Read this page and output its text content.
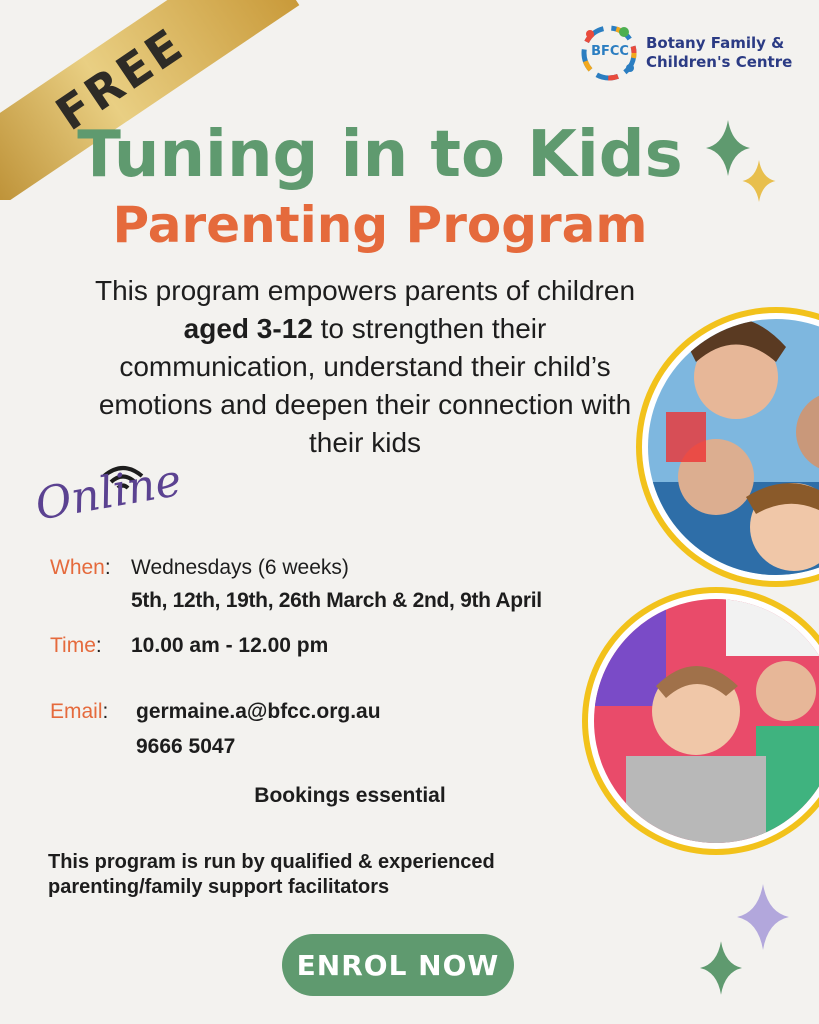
FREE	BFCC Botany Family &
Children's Centre
Tuning in to Kids
Parenting Program
This program empowers parents of children aged 3-12 to strengthen their communication, understand their child’s emotions and deepen their connection with their kids
Online
When: Wednesdays (6 weeks)
5th, 12th, 19th, 26th March & 2nd, 9th April
Time: 10.00 am - 12.00 pm
Email: germaine.a@bfcc.org.au
9666 5047
Bookings essential
This program is run by qualified & experienced
parenting/family support facilitators
ENROL NOW
